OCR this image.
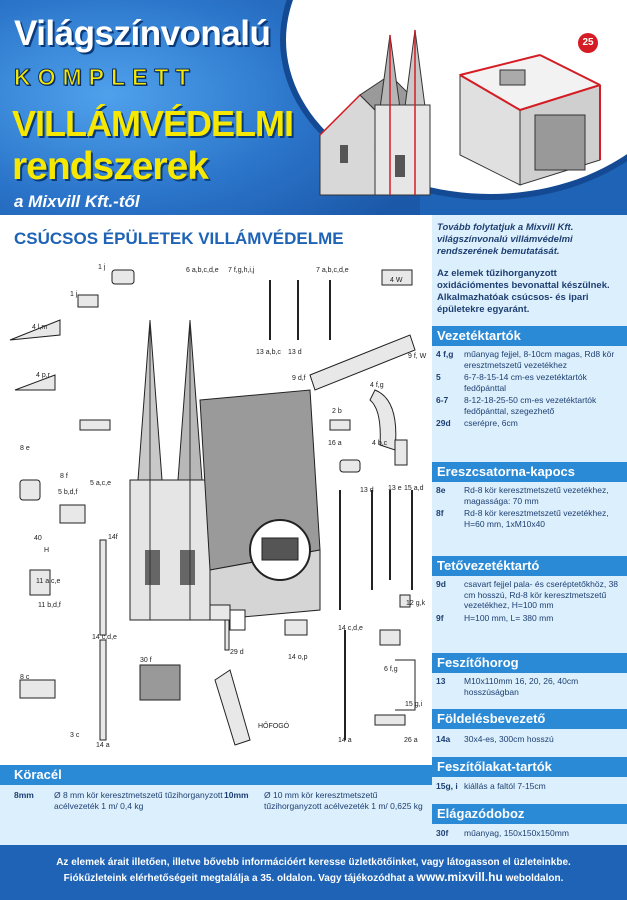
Világszínvonalú
KOMPLETT
VILLÁMVÉDELMI
rendszerek
a Mixvill Kft.-től
25
CSÚCSOS ÉPÜLETEK VILLÁMVÉDELME
1 j
1 j
4 l,m
4 p,r
6 a,b,c,d,e 7 f,g,h,i,j	7 a,b,c,d,e
4 W
13 a,b,c 13 d
9 f, W
9 d,f
4 f,g
2 b
16 a	4 b,c
8 e
5 a,c,e
8 f
5 b,d,f
14f
13 d 13 e 15 a,d
11 a,c,e
11 b,d,f
14 c,d,e
12 g,k
14 c,d,e
30 f
29 d
14 o,p
6 f,g
8 c
15 g,i
3 c
14 a
HŐFOGÓ
14 a	26 a
40
H
Tovább folytatjuk a Mixvill Kft. világszínvonalú villámvédelmi rendszerének bemutatását.
Az elemek tűzihorganyzott oxidációmentes bevonattal készülnek. Alkalmazhatóak csúcsos- és ipari épületekre egyaránt.
Vezetéktartók
4 f,g	műanyag fejjel, 8-10cm magas, Rd8 kör eresztmetszetű vezetékhez
5	6-7-8-15-14 cm-es vezetéktartók fedőpánttal
6-7	8-12-18-25-50 cm-es vezetéktartók fedőpánttal, szegezhető
29d	cserépre, 6cm
Ereszcsatorna-kapocs
8e	Rd-8 kör keresztmetszetű vezetékhez, magassága: 70 mm
8f	Rd-8 kör keresztmetszetű vezetékhez, H=60 mm, 1xM10x40
Tetővezetéktartó
9d	csavart fejjel pala- és cseréptetőkhöz, 38 cm hosszú, Rd-8 kör keresztmetszetű vezetékhez, H=100 mm
9f	H=100 mm, L= 380 mm
Feszítőhorog
13	M10x110mm 16, 20, 26, 40cm hosszúságban
Földelésbevezető
14a	30x4-es, 300cm hosszú
Feszítőlakat-tartók
15g, i kiállás a faltól 7-15cm
Elágazódoboz
30f	műanyag, 150x150x150mm
Köracél
8mm Ø 8 mm kör keresztmetszetű tűzihorganyzott acélvezeték 1 m/ 0,4 kg
10mm Ø 10 mm kör keresztmetszetű tűzihorganyzott acélvezeték 1 m/ 0,625 kg
Az elemek árait illetően, illetve bővebb információért keresse üzletkötőinket, vagy látogasson el üzleteinkbe.
Fiókűzleteink elérhetőségeit megtalálja a 35. oldalon. Vagy tájékozódhat a www.mixvill.hu weboldalon.
